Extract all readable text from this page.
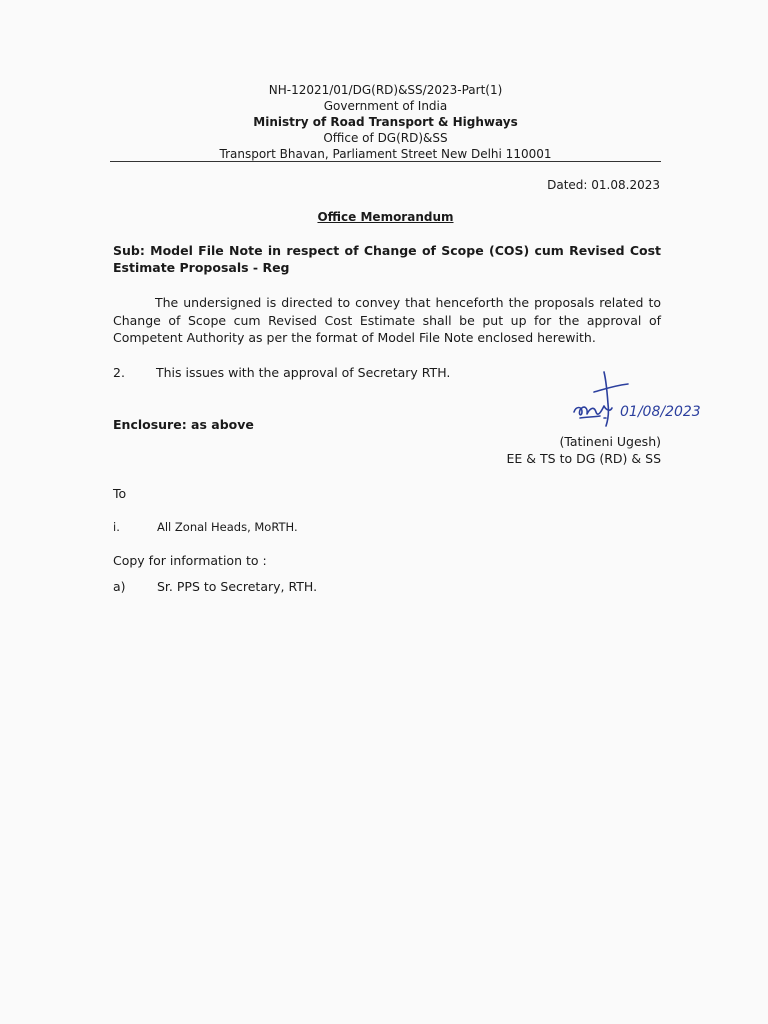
NH-12021/01/DG(RD)&SS/2023-Part(1)
Government of India
Ministry of Road Transport & Highways
Office of DG(RD)&SS
Transport Bhavan, Parliament Street New Delhi 110001
Dated: 01.08.2023
Office Memorandum
Sub: Model File Note in respect of Change of Scope (COS) cum Revised Cost Estimate Proposals - Reg
The undersigned is directed to convey that henceforth the proposals related to Change of Scope cum Revised Cost Estimate shall be put up for the approval of Competent Authority as per the format of Model File Note enclosed herewith.
2. This issues with the approval of Secretary RTH.
Enclosure: as above
01/08/2023
(Tatineni Ugesh)
EE & TS to DG (RD) & SS
To
i.	All Zonal Heads, MoRTH.
Copy for information to :
a)	Sr. PPS to Secretary, RTH.
